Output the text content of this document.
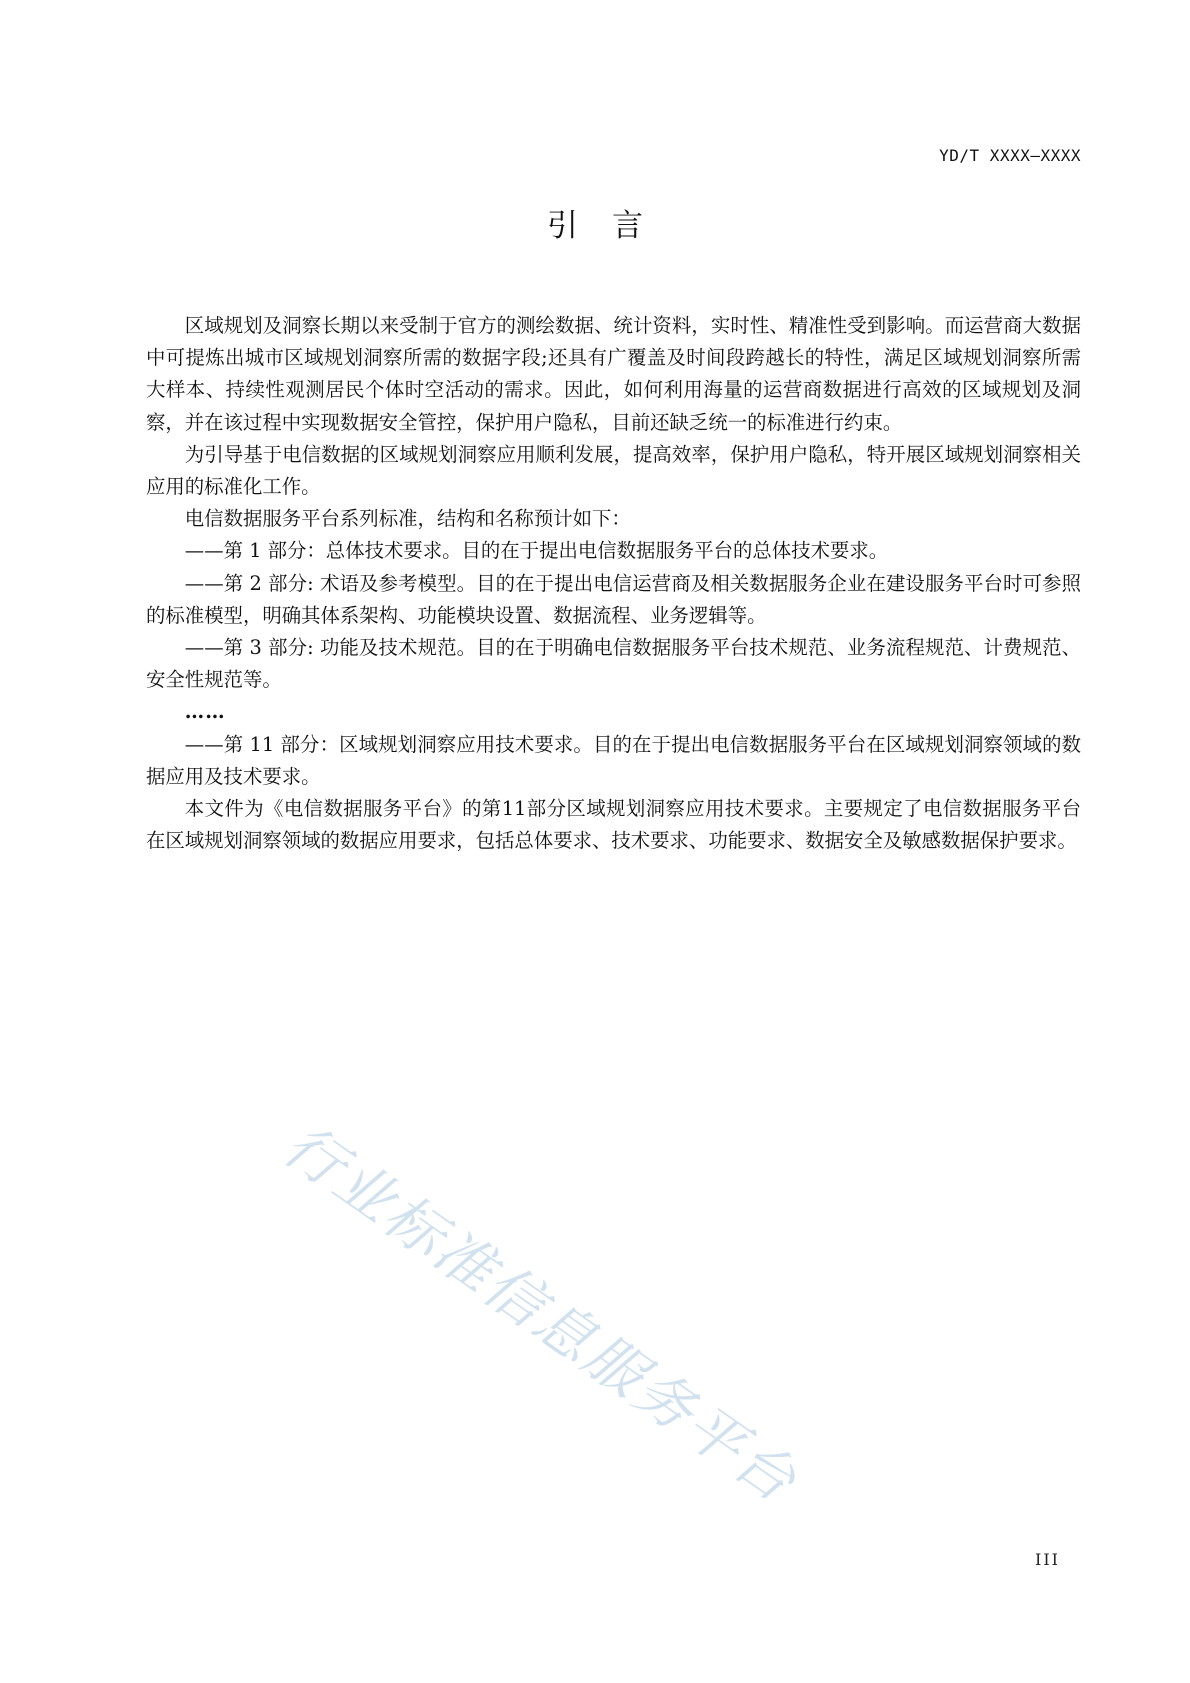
YD/T XXXX—XXXX
引言

区域规划及洞察长期以来受制于官方的测绘数据、统计资料，实时性、精准性受到影响。而运营商大数据中可提炼出城市区域规划洞察所需的数据字段;还具有广覆盖及时间段跨越长的特性，满足区域规划洞察所需大样本、持续性观测居民个体时空活动的需求。因此，如何利用海量的运营商数据进行高效的区域规划及洞察，并在该过程中实现数据安全管控，保护用户隐私，目前还缺乏统一的标准进行约束。

为引导基于电信数据的区域规划洞察应用顺利发展，提高效率，保护用户隐私，特开展区域规划洞察相关应用的标准化工作。

电信数据服务平台系列标准，结构和名称预计如下：

——第 1 部分：总体技术要求。目的在于提出电信数据服务平台的总体技术要求。

——第 2 部分: 术语及参考模型。目的在于提出电信运营商及相关数据服务企业在建设服务平台时可参照的标准模型，明确其体系架构、功能模块设置、数据流程、业务逻辑等。

——第 3 部分: 功能及技术规范。目的在于明确电信数据服务平台技术规范、业务流程规范、计费规范、安全性规范等。

……

——第 11 部分：区域规划洞察应用技术要求。目的在于提出电信数据服务平台在区域规划洞察领域的数据应用及技术要求。

本文件为《电信数据服务平台》的第11部分区域规划洞察应用技术要求。主要规定了电信数据服务平台在区域规划洞察领域的数据应用要求，包括总体要求、技术要求、功能要求、数据安全及敏感数据保护要求。

行业标准信息服务平台
III
